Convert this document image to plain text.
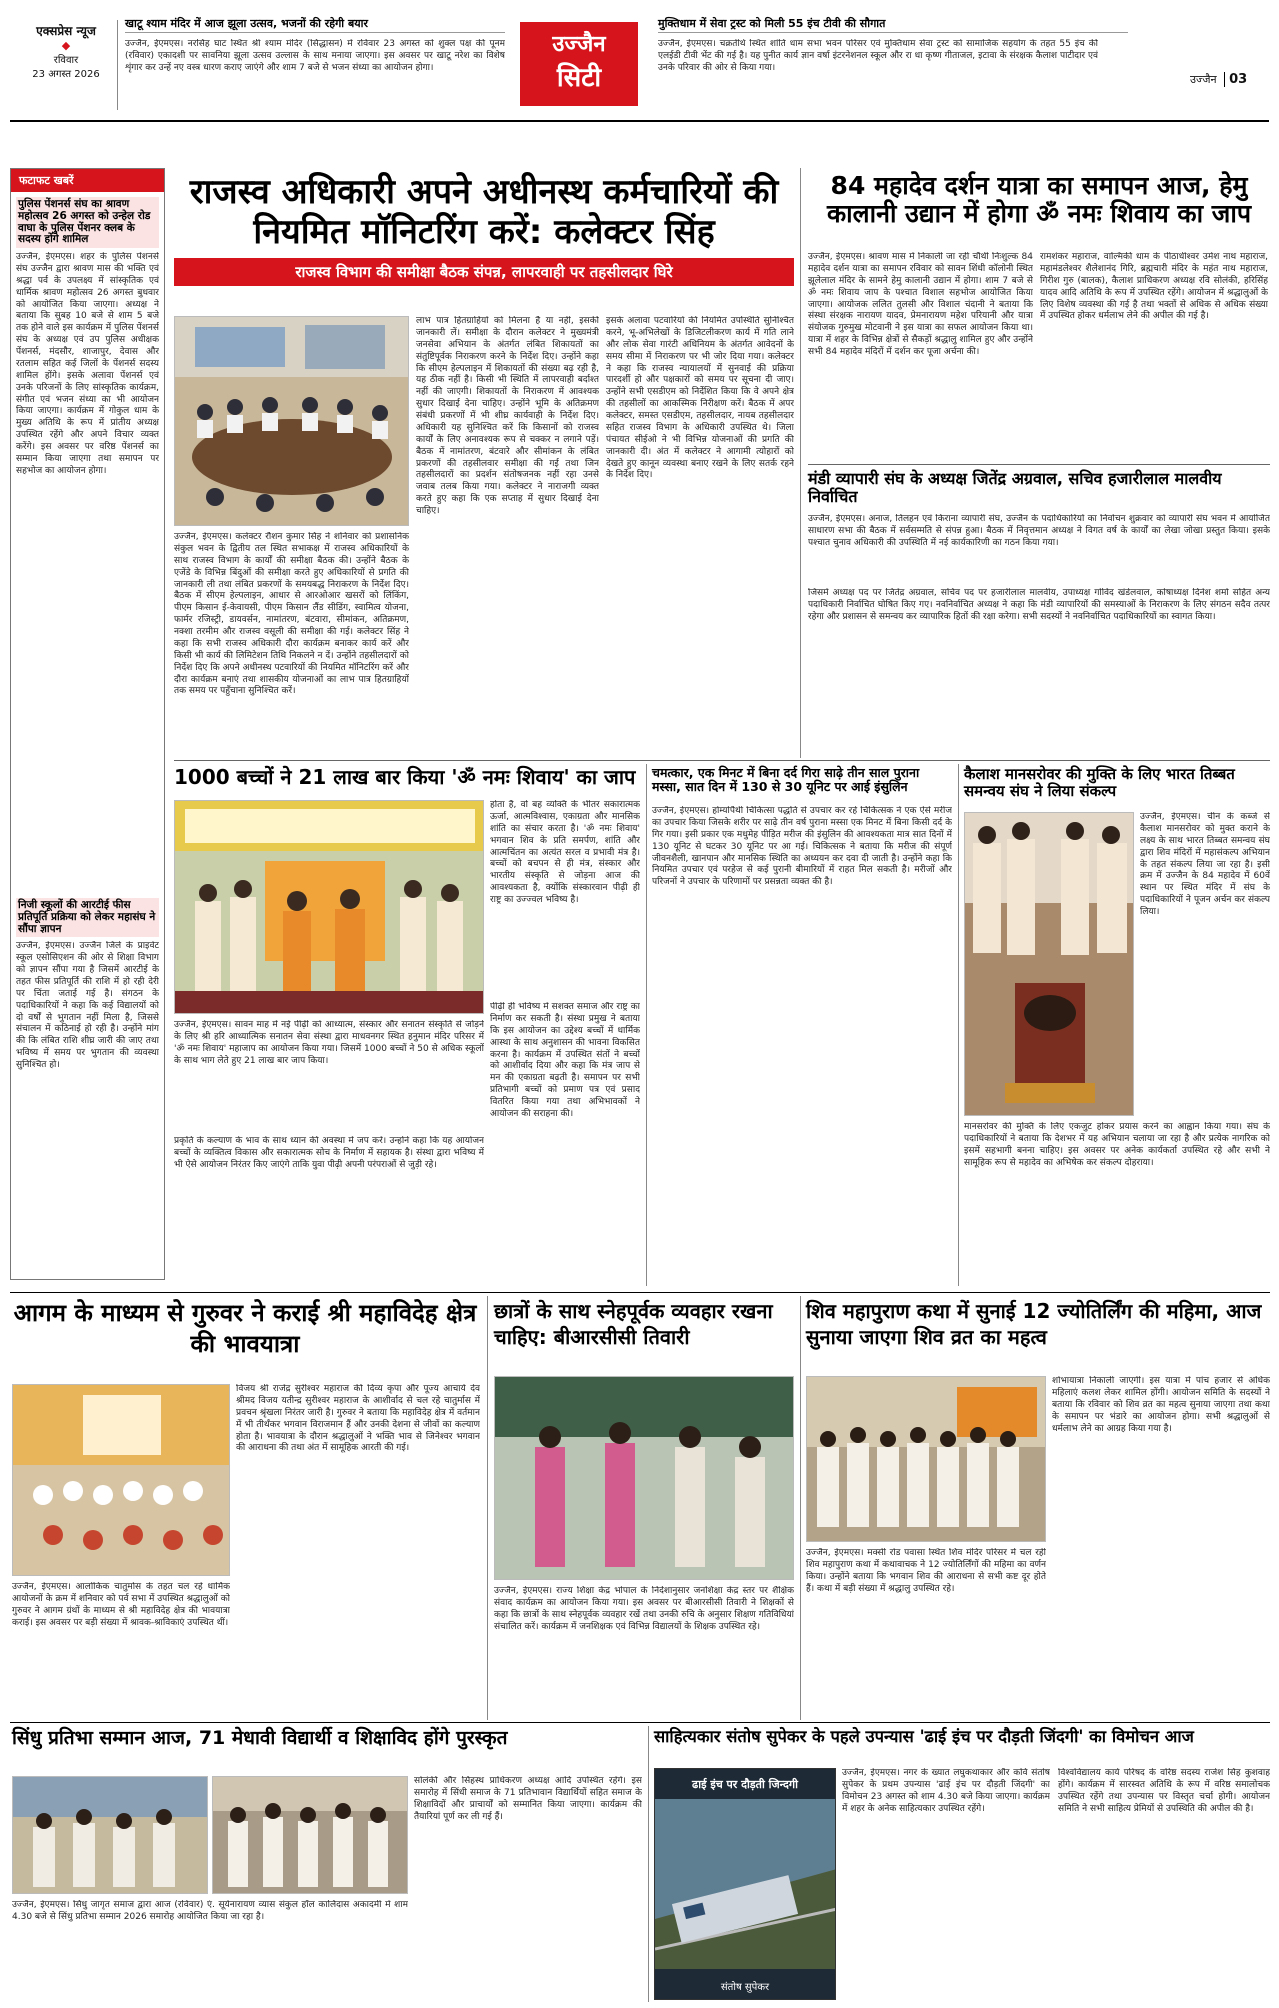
एक्सप्रेस न्यूज
◆
रविवार
23 अगस्त 2026
खाटू श्याम मंदिर में आज झूला उत्सव, भजनों की रहेगी बयार
उज्जैन, ईएमएस। नरसिंह घाट स्थित श्री श्याम मंदिर (सिद्धासन) में रविवार 23 अगस्त को शुक्ल पक्ष की पूनम (रविवार) एकादशी पर सावनिया झूला उत्सव उल्लास के साथ मनाया जाएगा। इस अवसर पर खाटू नरेश का विशेष शृंगार कर उन्हें नए वस्त्र धारण कराए जाएंगे और शाम 7 बजे से भजन संध्या का आयोजन होगा।
उज्जैन
सिटी
मुक्तिधाम में सेवा ट्रस्ट को मिली 55 इंच टीवी की सौगात
उज्जैन, ईएमएस। चक्रतीर्थ स्थित शांति धाम सभा भवन परिसर एवं मुक्तिधाम सेवा ट्रस्ट को सामाजिक सहयोग के तहत 55 इंच की एलईडी टीवी भेंट की गई है। यह पुनीत कार्य ज्ञान वर्षा इंटरनेशनल स्कूल और रा धा कृष्ण गीताजल, इटावा के संरक्षक कैलाश पाटीदार एवं उनके परिवार की ओर से किया गया।
उज्जैन 03
फटाफट खबरें
पुलिस पेंशनर्स संघ का श्रावण महोत्सव 26 अगस्त को उन्हेल रोड वाघा के पुलिस पेंशनर क्लब के सदस्य होंगे शामिल
उज्जैन, ईएमएस। शहर के पुलिस पेंशनर्स संघ उज्जैन द्वारा श्रावण मास की भक्ति एवं श्रद्धा पर्व के उपलक्ष्य में सांस्कृतिक एवं धार्मिक श्रावण महोत्सव 26 अगस्त बुधवार को आयोजित किया जाएगा। अध्यक्ष ने बताया कि सुबह 10 बजे से शाम 5 बजे तक होने वाले इस कार्यक्रम में पुलिस पेंशनर्स संघ के अध्यक्ष एवं उप पुलिस अधीक्षक पेंशनर्स, मंदसौर, शाजापुर, देवास और रतलाम सहित कई जिलों के पेंशनर्स सदस्य शामिल होंगे। इसके अलावा पेंशनर्स एवं उनके परिजनों के लिए सांस्कृतिक कार्यक्रम, संगीत एवं भजन संध्या का भी आयोजन किया जाएगा। कार्यक्रम में गोकुल धाम के मुख्य अतिथि के रूप में प्रांतीय अध्यक्ष उपस्थित रहेंगे और अपने विचार व्यक्त करेंगे। इस अवसर पर वरिष्ठ पेंशनर्स का सम्मान किया जाएगा तथा समापन पर सहभोज का आयोजन होगा।
निजी स्कूलों की आरटीई फीस प्रतिपूर्ति प्रक्रिया को लेकर महासंघ ने सौंपा ज्ञापन
उज्जैन, ईएमएस। उज्जैन जिले के प्राइवेट स्कूल एसोसिएशन की ओर से शिक्षा विभाग को ज्ञापन सौंपा गया है जिसमें आरटीई के तहत फीस प्रतिपूर्ति की राशि में हो रही देरी पर चिंता जताई गई है। संगठन के पदाधिकारियों ने कहा कि कई विद्यालयों को दो वर्षों से भुगतान नहीं मिला है, जिससे संचालन में कठिनाई हो रही है। उन्होंने मांग की कि लंबित राशि शीघ्र जारी की जाए तथा भविष्य में समय पर भुगतान की व्यवस्था सुनिश्चित हो।
राजस्व अधिकारी अपने अधीनस्थ कर्मचारियों की नियमित मॉनिटरिंग करें: कलेक्टर सिंह
राजस्व विभाग की समीक्षा बैठक संपन्न, लापरवाही पर तहसीलदार घिरे
उज्जैन, ईएमएस। कलेक्टर रौशन कुमार सिंह ने शनिवार को प्रशासनिक संकुल भवन के द्वितीय तल स्थित सभाकक्ष में राजस्व अधिकारियों के साथ राजस्व विभाग के कार्यों की समीक्षा बैठक की। उन्होंने बैठक के एजेंडे के विभिन्न बिंदुओं की समीक्षा करते हुए अधिकारियों से प्रगति की जानकारी ली तथा लंबित प्रकरणों के समयबद्ध निराकरण के निर्देश दिए। बैठक में सीएम हेल्पलाइन, आधार से आरओआर खसरों को लिंकिंग, पीएम किसान ई-केवायसी, पीएम किसान लैंड सीडिंग, स्वामित्व योजना, फार्मर रजिस्ट्री, डायवर्सन, नामांतरण, बंटवारा, सीमांकन, अतिक्रमण, नक्शा तरमीम और राजस्व वसूली की समीक्षा की गई। कलेक्टर सिंह ने कहा कि सभी राजस्व अधिकारी दौरा कार्यक्रम बनाकर कार्य करें और किसी भी कार्य की लिमिटेशन तिथि निकलने न दें। उन्होंने तहसीलदारों को निर्देश दिए कि अपने अधीनस्थ पटवारियों की नियमित मॉनिटरिंग करें और दौरा कार्यक्रम बनाएं तथा शासकीय योजनाओं का लाभ पात्र हितग्राहियों तक समय पर पहुँचाना सुनिश्चित करें।
लाभ पात्र हितग्राहियों को मिलना है या नहीं, इसकी जानकारी लें। समीक्षा के दौरान कलेक्टर ने मुख्यमंत्री जनसेवा अभियान के अंतर्गत लंबित शिकायतों का संतुष्टिपूर्वक निराकरण करने के निर्देश दिए। उन्होंने कहा कि सीएम हेल्पलाइन में शिकायतों की संख्या बढ़ रही है, यह ठीक नहीं है। किसी भी स्थिति में लापरवाही बर्दाश्त नहीं की जाएगी। शिकायतों के निराकरण में आवश्यक सुधार दिखाई देना चाहिए। उन्होंने भूमि के अतिक्रमण संबंधी प्रकरणों में भी शीघ्र कार्यवाही के निर्देश दिए। अधिकारी यह सुनिश्चित करें कि किसानों को राजस्व कार्यों के लिए अनावश्यक रूप से चक्कर न लगाने पड़ें। बैठक में नामांतरण, बंटवारे और सीमांकन के लंबित प्रकरणों की तहसीलवार समीक्षा की गई तथा जिन तहसीलदारों का प्रदर्शन संतोषजनक नहीं रहा उनसे जवाब तलब किया गया। कलेक्टर ने नाराजगी व्यक्त करते हुए कहा कि एक सप्ताह में सुधार दिखाई देना चाहिए।
इसके अलावा पटवारियों की नियमित उपस्थिति सुनिश्चित करने, भू-अभिलेखों के डिजिटलीकरण कार्य में गति लाने और लोक सेवा गारंटी अधिनियम के अंतर्गत आवेदनों के समय सीमा में निराकरण पर भी जोर दिया गया। कलेक्टर ने कहा कि राजस्व न्यायालयों में सुनवाई की प्रक्रिया पारदर्शी हो और पक्षकारों को समय पर सूचना दी जाए। उन्होंने सभी एसडीएम को निर्देशित किया कि वे अपने क्षेत्र की तहसीलों का आकस्मिक निरीक्षण करें। बैठक में अपर कलेक्टर, समस्त एसडीएम, तहसीलदार, नायब तहसीलदार सहित राजस्व विभाग के अधिकारी उपस्थित थे। जिला पंचायत सीईओ ने भी विभिन्न योजनाओं की प्रगति की जानकारी दी। अंत में कलेक्टर ने आगामी त्योहारों को देखते हुए कानून व्यवस्था बनाए रखने के लिए सतर्क रहने के निर्देश दिए।
84 महादेव दर्शन यात्रा का समापन आज, हेमु कालानी उद्यान में होगा ॐ नमः शिवाय का जाप
उज्जैन, ईएमएस। श्रावण मास में निकाली जा रही चौथी निःशुल्क 84 महादेव दर्शन यात्रा का समापन रविवार को सावन शिंधी कॉलोनी स्थित झूलेलाल मंदिर के सामने हेमु कालानी उद्यान में होगा। शाम 7 बजे से ॐ नमः शिवाय जाप के पश्चात विशाल सहभोज आयोजित किया जाएगा। आयोजक ललित तुलसी और विशाल चंदानी ने बताया कि संस्था संरक्षक नारायण यादव, प्रेमनारायण महेश परियानी और यात्रा संयोजक गुरुमुख मोटवानी ने इस यात्रा का सफल आयोजन किया था। यात्रा में शहर के विभिन्न क्षेत्रों से सैकड़ों श्रद्धालु शामिल हुए और उन्होंने सभी 84 महादेव मंदिरों में दर्शन कर पूजा अर्चना की।
रामशंकर महाराज, वाल्मिकी धाम के पीठाधीश्वर उमेश नाथ महाराज, महामंडलेश्वर शैलेशानंद गिरि, ब्रह्मचारी मंदिर के महंत नाथ महाराज, गिरीश गुरु (बालक), कैलाश प्राधिकरण अध्यक्ष रवि सोलंकी, हरिसिंह यादव आदि अतिथि के रूप में उपस्थित रहेंगे। आयोजन में श्रद्धालुओं के लिए विशेष व्यवस्था की गई है तथा भक्तों से अधिक से अधिक संख्या में उपस्थित होकर धर्मलाभ लेने की अपील की गई है।
मंडी व्यापारी संघ के अध्यक्ष जितेंद्र अग्रवाल, सचिव हजारीलाल मालवीय निर्वाचित
उज्जैन, ईएमएस। अनाज, तिलहन एवं किराना व्यापारी संघ, उज्जैन के पदाधिकारियों का निर्वाचन शुक्रवार को व्यापारी संघ भवन में आयोजित साधारण सभा की बैठक में सर्वसम्मति से संपन्न हुआ। बैठक में निवृत्तमान अध्यक्ष ने विगत वर्ष के कार्यों का लेखा जोखा प्रस्तुत किया। इसके पश्चात चुनाव अधिकारी की उपस्थिति में नई कार्यकारिणी का गठन किया गया।
जिसमें अध्यक्ष पद पर जितेंद्र अग्रवाल, सचिव पद पर हजारीलाल मालवीय, उपाध्यक्ष गोविंद खंडेलवाल, कोषाध्यक्ष दिनेश शर्मा सहित अन्य पदाधिकारी निर्वाचित घोषित किए गए। नवनिर्वाचित अध्यक्ष ने कहा कि मंडी व्यापारियों की समस्याओं के निराकरण के लिए संगठन सदैव तत्पर रहेगा और प्रशासन से समन्वय कर व्यापारिक हितों की रक्षा करेगा। सभी सदस्यों ने नवनिर्वाचित पदाधिकारियों का स्वागत किया।
1000 बच्चों ने 21 लाख बार किया 'ॐ नमः शिवाय' का जाप
उज्जैन, ईएमएस। सावन माह में नई पीढ़ी को आध्यात्म, संस्कार और सनातन संस्कृति से जोड़ने के लिए श्री हरि आध्यात्मिक सनातन सेवा संस्था द्वारा माधवनगर स्थित हनुमान मंदिर परिसर में 'ॐ नमः शिवाय' महाजाप का आयोजन किया गया। जिसमें 1000 बच्चों ने 50 से अधिक स्कूलों के साथ भाग लेते हुए 21 लाख बार जाप किया।
होता है, वो बह व्यक्ति के भीतर सकारात्मक ऊर्जा, आत्मविश्वास, एकाग्रता और मानसिक शांति का संचार करता है। 'ॐ नमः शिवाय' भगवान शिव के प्रति समर्पण, शांति और आत्मचिंतन का अत्यंत सरल व प्रभावी मंत्र है। बच्चों को बचपन से ही मंत्र, संस्कार और भारतीय संस्कृति से जोड़ना आज की आवश्यकता है, क्योंकि संस्कारवान पीढ़ी ही राष्ट्र का उज्ज्वल भविष्य है।
पीढ़ी ही भविष्य में सशक्त समाज और राष्ट्र का निर्माण कर सकती है। संस्था प्रमुख ने बताया कि इस आयोजन का उद्देश्य बच्चों में धार्मिक आस्था के साथ अनुशासन की भावना विकसित करना है। कार्यक्रम में उपस्थित संतों ने बच्चों को आशीर्वाद दिया और कहा कि मंत्र जाप से मन की एकाग्रता बढ़ती है। समापन पर सभी प्रतिभागी बच्चों को प्रमाण पत्र एवं प्रसाद वितरित किया गया तथा अभिभावकों ने आयोजन की सराहना की।
प्रकृति के कल्याण के भाव के साथ ध्यान की अवस्था में जप करें। उन्होंने कहा कि यह आयोजन बच्चों के व्यक्तित्व विकास और सकारात्मक सोच के निर्माण में सहायक है। संस्था द्वारा भविष्य में भी ऐसे आयोजन निरंतर किए जाएंगे ताकि युवा पीढ़ी अपनी परंपराओं से जुड़ी रहे।
चमत्कार, एक मिनट में बिना दर्द गिरा साढ़े तीन साल पुराना मस्सा, सात दिन में 130 से 30 यूनिट पर आई इंसुलिन
उज्जैन, ईएमएस। होम्योपैथी चिकित्सा पद्धति से उपचार कर रहे चिकित्सक ने एक ऐसे मरीज का उपचार किया जिसके शरीर पर साढ़े तीन वर्ष पुराना मस्सा एक मिनट में बिना किसी दर्द के गिर गया। इसी प्रकार एक मधुमेह पीड़ित मरीज की इंसुलिन की आवश्यकता मात्र सात दिनों में 130 यूनिट से घटकर 30 यूनिट पर आ गई। चिकित्सक ने बताया कि मरीज की संपूर्ण जीवनशैली, खानपान और मानसिक स्थिति का अध्ययन कर दवा दी जाती है। उन्होंने कहा कि नियमित उपचार एवं परहेज से कई पुरानी बीमारियों में राहत मिल सकती है। मरीजों और परिजनों ने उपचार के परिणामों पर प्रसन्नता व्यक्त की है।
कैलाश मानसरोवर की मुक्ति के लिए भारत तिब्बत समन्वय संघ ने लिया संकल्प
उज्जैन, ईएमएस। चीन के कब्जे से कैलाश मानसरोवर को मुक्त कराने के लक्ष्य के साथ भारत तिब्बत समन्वय संघ द्वारा शिव मंदिरों में महासंकल्प अभियान के तहत संकल्प लिया जा रहा है। इसी क्रम में उज्जैन के 84 महादेव में 60वें स्थान पर स्थित मंदिर में संघ के पदाधिकारियों ने पूजन अर्चन कर संकल्प लिया।
मानसरोवर की मुक्ति के लिए एकजुट होकर प्रयास करने का आह्वान किया गया। संघ के पदाधिकारियों ने बताया कि देशभर में यह अभियान चलाया जा रहा है और प्रत्येक नागरिक को इसमें सहभागी बनना चाहिए। इस अवसर पर अनेक कार्यकर्ता उपस्थित रहे और सभी ने सामूहिक रूप से महादेव का अभिषेक कर संकल्प दोहराया।
आगम के माध्यम से गुरुवर ने कराई श्री महाविदेह क्षेत्र की भावयात्रा
उज्जैन, ईएमएस। आलोकिक चातुर्मास के तहत चल रहे धार्मिक आयोजनों के क्रम में शनिवार को पर्व सभा में उपस्थित श्रद्धालुओं को गुरुवर ने आगम ग्रंथों के माध्यम से श्री महाविदेह क्षेत्र की भावयात्रा कराई। इस अवसर पर बड़ी संख्या में श्रावक-श्राविकाएं उपस्थित थीं।
विजय श्री राजेंद्र सुरीश्वर महाराज की दिव्य कृपा और पूज्य आचार्य देव श्रीमद विजय यतीन्द्र सुरीश्वर महाराज के आशीर्वाद से चल रहे चातुर्मास में प्रवचन श्रृंखला निरंतर जारी है। गुरुवर ने बताया कि महाविदेह क्षेत्र में वर्तमान में भी तीर्थंकर भगवान विराजमान हैं और उनकी देशना से जीवों का कल्याण होता है। भावयात्रा के दौरान श्रद्धालुओं ने भक्ति भाव से जिनेश्वर भगवान की आराधना की तथा अंत में सामूहिक आरती की गई।
छात्रों के साथ स्नेहपूर्वक व्यवहार रखना चाहिए: बीआरसीसी तिवारी
उज्जैन, ईएमएस। राज्य शिक्षा केंद्र भोपाल के निर्देशानुसार जनशिक्षा केंद्र स्तर पर शैक्षिक संवाद कार्यक्रम का आयोजन किया गया। इस अवसर पर बीआरसीसी तिवारी ने शिक्षकों से कहा कि छात्रों के साथ स्नेहपूर्वक व्यवहार रखें तथा उनकी रुचि के अनुसार शिक्षण गतिविधियां संचालित करें। कार्यक्रम में जनशिक्षक एवं विभिन्न विद्यालयों के शिक्षक उपस्थित रहे।
शिव महापुराण कथा में सुनाई 12 ज्योतिर्लिंग की महिमा, आज सुनाया जाएगा शिव व्रत का महत्व
उज्जैन, ईएमएस। मक्सी रोड पवासा स्थित शिव मंदिर परिसर में चल रही शिव महापुराण कथा में कथावाचक ने 12 ज्योतिर्लिंगों की महिमा का वर्णन किया। उन्होंने बताया कि भगवान शिव की आराधना से सभी कष्ट दूर होते हैं। कथा में बड़ी संख्या में श्रद्धालु उपस्थित रहे।
शोभायात्रा निकाली जाएगी। इस यात्रा में पांच हजार से अधिक महिलाएं कलश लेकर शामिल होंगी। आयोजन समिति के सदस्यों ने बताया कि रविवार को शिव व्रत का महत्व सुनाया जाएगा तथा कथा के समापन पर भंडारे का आयोजन होगा। सभी श्रद्धालुओं से धर्मलाभ लेने का आग्रह किया गया है।
सिंधु प्रतिभा सम्मान आज, 71 मेधावी विद्यार्थी व शिक्षाविद होंगे पुरस्कृत
उज्जैन, ईएमएस। सिंधु जागृत समाज द्वारा आज (रविवार) एं. सूर्यनारायण व्यास संकुल हॉल कालिदास अकादमी में शाम 4.30 बजे से सिंधु प्रतिभा सम्मान 2026 समारोह आयोजित किया जा रहा है।
सोलंकी और सिंहस्थ प्राधिकरण अध्यक्ष आदि उपस्थित रहेंगे। इस समारोह में सिंधी समाज के 71 प्रतिभावान विद्यार्थियों सहित समाज के शिक्षाविदों और प्राचार्यों को सम्मानित किया जाएगा। कार्यक्रम की तैयारियां पूर्ण कर ली गई हैं।
साहित्यकार संतोष सुपेकर के पहले उपन्यास 'ढाई इंच पर दौड़ती जिंदगी' का विमोचन आज
ढाई इंच पर दौड़ती जिन्दगी
संतोष सुपेकर
उज्जैन, ईएमएस। नगर के ख्यात लघुकथाकार और कवि संतोष सुपेकर के प्रथम उपन्यास 'ढाई इंच पर दौड़ती जिंदगी' का विमोचन 23 अगस्त को शाम 4.30 बजे किया जाएगा। कार्यक्रम में शहर के अनेक साहित्यकार उपस्थित रहेंगे।
विश्वविद्यालय कार्य परिषद के वरिष्ठ सदस्य राजेश सिंह कुशवाह होंगे। कार्यक्रम में सारस्वत अतिथि के रूप में वरिष्ठ समालोचक उपस्थित रहेंगे तथा उपन्यास पर विस्तृत चर्चा होगी। आयोजन समिति ने सभी साहित्य प्रेमियों से उपस्थिति की अपील की है।
